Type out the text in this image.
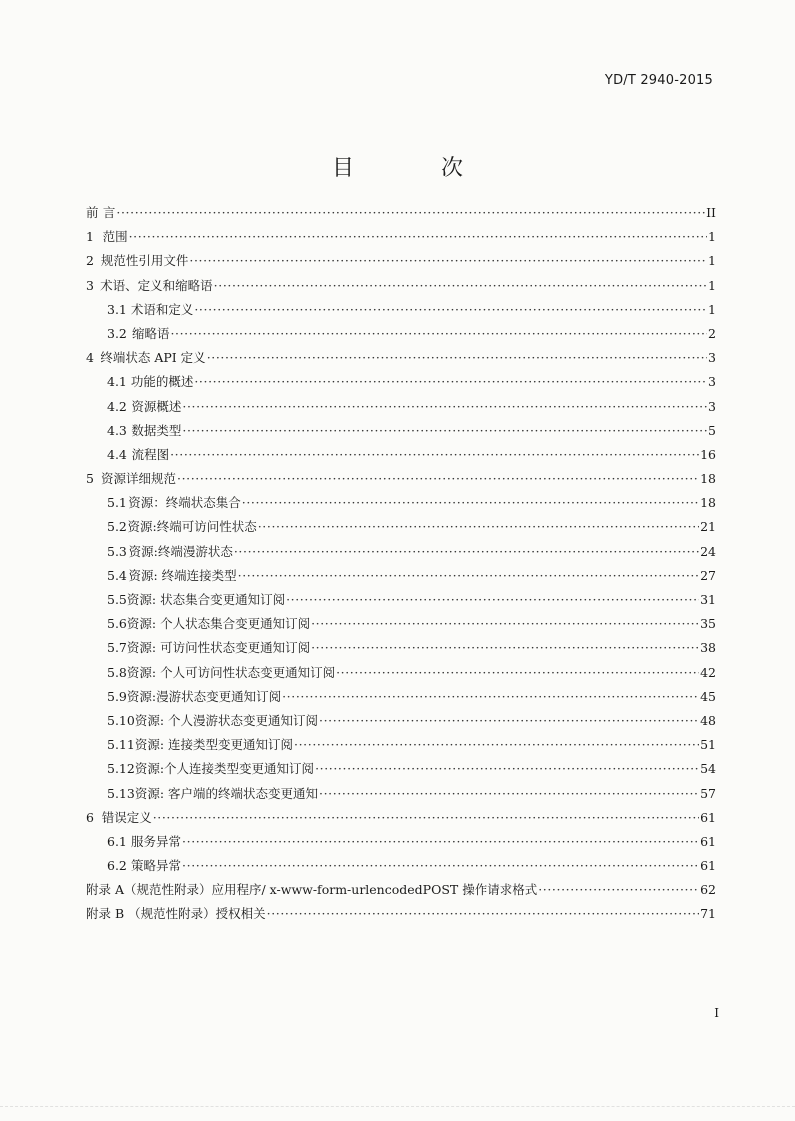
YD/T 2940-2015
目 次
前 言 ·····	II
1 范围 ·····	1
2 规范性引用文件 ·····	1
3 术语、定义和缩略语 ·····	1
3.1 术语和定义 ·····	1
3.2 缩略语 ·····	2
4 终端状态 API 定义 ·····	3
4.1 功能的概述 ·····	3
4.2 资源概述 ·····	3
4.3 数据类型 ·····	5
4.4 流程图 ·····	16
5 资源详细规范 ·····	18
5.1 资源：终端状态集合 ·····	18
5.2 资源:终端可访问性状态 ·····	21
5.3 资源:终端漫游状态 ·····	24
5.4 资源: 终端连接类型 ·····	27
5.5 资源: 状态集合变更通知订阅 ·····	31
5.6 资源: 个人状态集合变更通知订阅 ·····	35
5.7 资源: 可访问性状态变更通知订阅 ·····	38
5.8 资源: 个人可访问性状态变更通知订阅 ·····	42
5.9 资源:漫游状态变更通知订阅 ·····	45
5.10 资源: 个人漫游状态变更通知订阅 ·····	48
5.11 资源: 连接类型变更通知订阅 ·····	51
5.12 资源:个人连接类型变更通知订阅 ·····	54
5.13 资源: 客户端的终端状态变更通知 ·····	57
6 错误定义 ·····	61
6.1 服务异常 ·····	61
6.2 策略异常 ·····	61
附录 A（规范性附录）应用程序/ x-www-form-urlencodedPOST 操作请求格式 ·····	62
附录 B （规范性附录）授权相关 ·····	71
I
